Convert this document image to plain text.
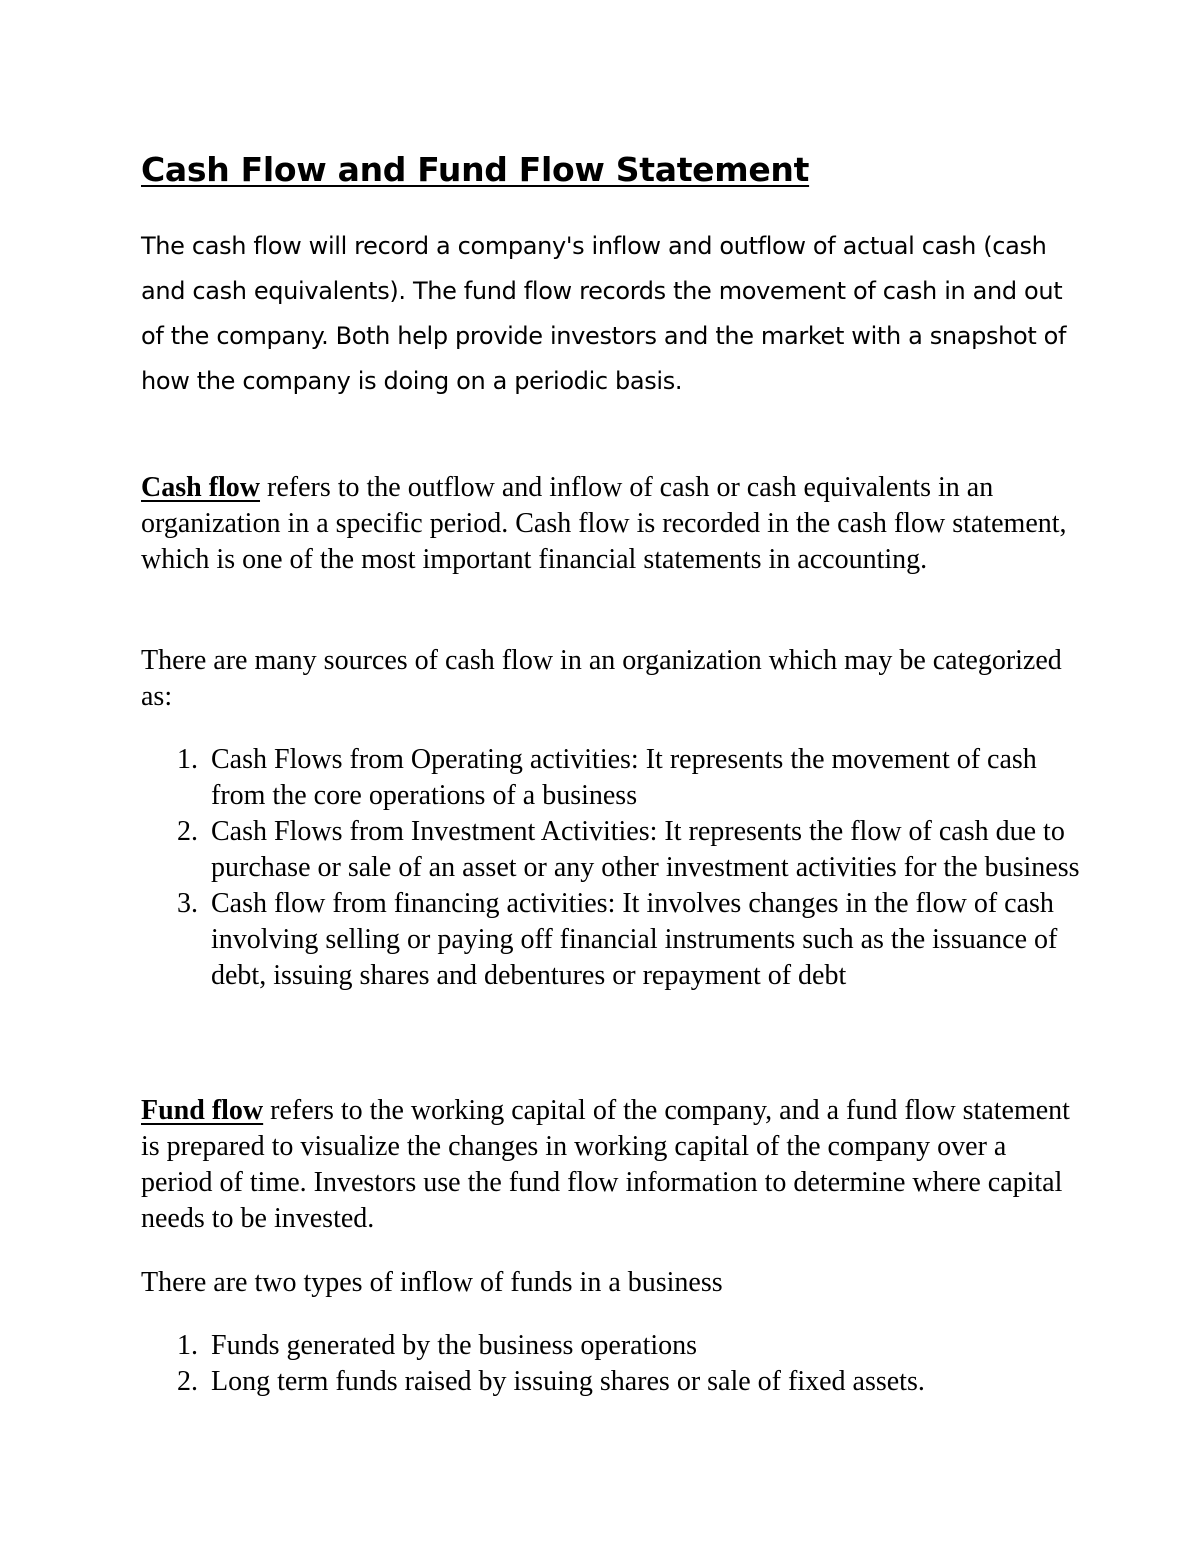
Cash Flow and Fund Flow Statement

The cash flow will record a company's inflow and outflow of actual cash (cash and cash equivalents). The fund flow records the movement of cash in and out of the company. Both help provide investors and the market with a snapshot of how the company is doing on a periodic basis.

Cash flow refers to the outflow and inflow of cash or cash equivalents in an organization in a specific period. Cash flow is recorded in the cash flow statement, which is one of the most important financial statements in accounting.

There are many sources of cash flow in an organization which may be categorized as:

1. Cash Flows from Operating activities: It represents the movement of cash from the core operations of a business
2. Cash Flows from Investment Activities: It represents the flow of cash due to purchase or sale of an asset or any other investment activities for the business
3. Cash flow from financing activities: It involves changes in the flow of cash involving selling or paying off financial instruments such as the issuance of debt, issuing shares and debentures or repayment of debt

Fund flow refers to the working capital of the company, and a fund flow statement is prepared to visualize the changes in working capital of the company over a period of time. Investors use the fund flow information to determine where capital needs to be invested.

There are two types of inflow of funds in a business

1. Funds generated by the business operations
2. Long term funds raised by issuing shares or sale of fixed assets.
